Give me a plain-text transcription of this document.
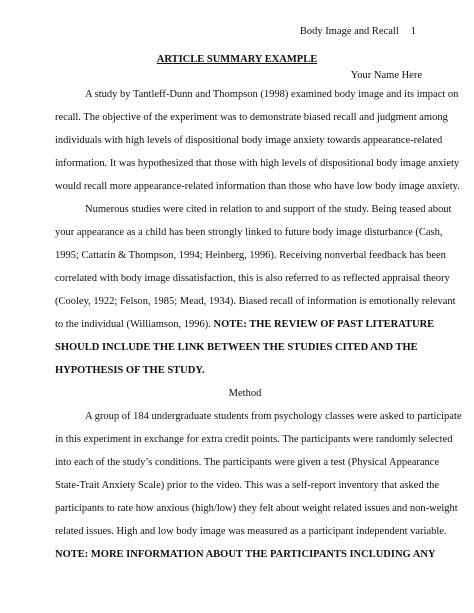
Body Image and Recall 1
ARTICLE SUMMARY EXAMPLE
Your Name Here

A study by Tantleff-Dunn and Thompson (1998) examined body image and its impact on
recall. The objective of the experiment was to demonstrate biased recall and judgment among
individuals with high levels of dispositional body image anxiety towards appearance-related
information. It was hypothesized that those with high levels of dispositional body image anxiety
would recall more appearance-related information than those who have low body image anxiety.

Numerous studies were cited in relation to and support of the study. Being teased about
your appearance as a child has been strongly linked to future body image disturbance (Cash,
1995; Cattarin & Thompson, 1994; Heinberg, 1996). Receiving nonverbal feedback has been
correlated with body image dissatisfaction, this is also referred to as reflected appraisal theory
(Cooley, 1922; Felson, 1985; Mead, 1934). Biased recall of information is emotionally relevant
to the individual (Williamson, 1996). NOTE: THE REVIEW OF PAST LITERATURE
SHOULD INCLUDE THE LINK BETWEEN THE STUDIES CITED AND THE
HYPOTHESIS OF THE STUDY.

Method

A group of 184 undergraduate students from psychology classes were asked to participate
in this experiment in exchange for extra credit points. The participants were randomly selected
into each of the study’s conditions. The participants were given a test (Physical Appearance
State-Trait Anxiety Scale) prior to the video. This was a self-report inventory that asked the
participants to rate how anxious (high/low) they felt about weight related issues and non-weight
related issues. High and low body image was measured as a participant independent variable.

NOTE: MORE INFORMATION ABOUT THE PARTICIPANTS INCLUDING ANY
